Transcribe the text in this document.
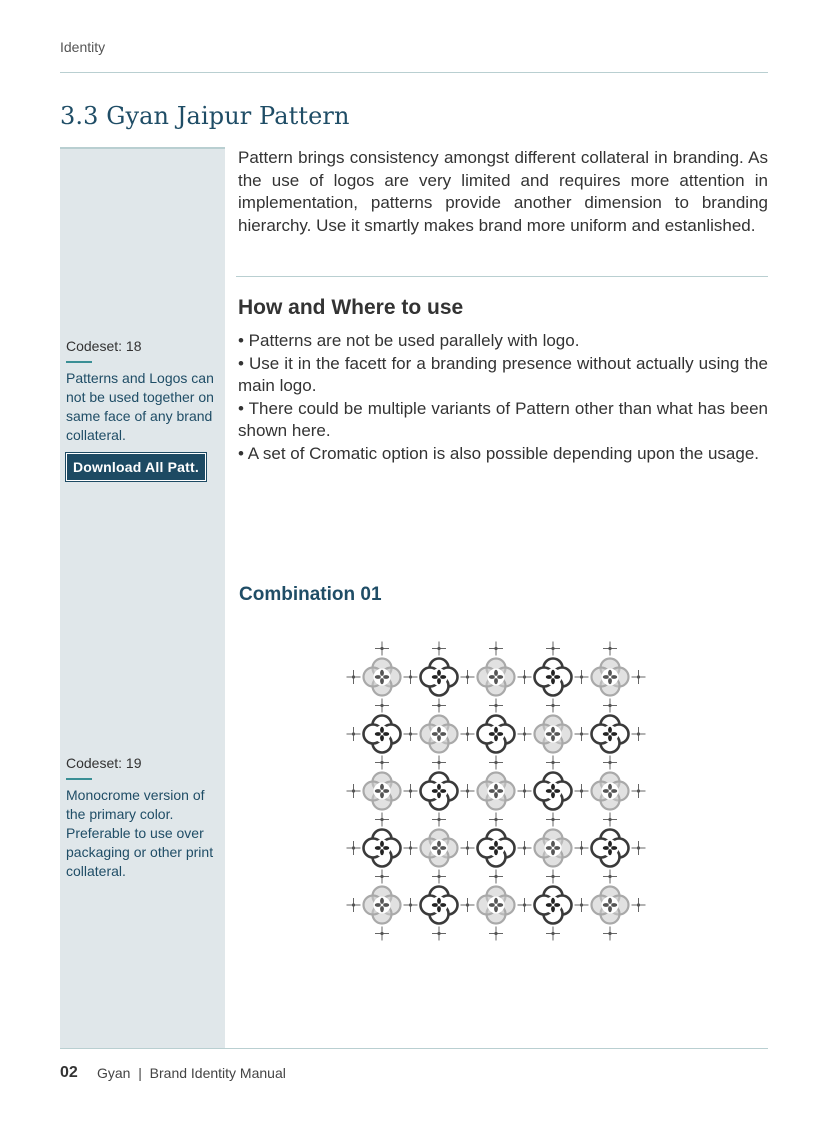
Identity
3.3 Gyan Jaipur Pattern
Codeset: 18
Patterns and Logos can not be used together on same face of any brand collateral.
Download All Patt.
Codeset: 19
Monocrome version of the primary color. Preferable to use over packaging or other print collateral.

Pattern brings consistency amongst different collateral in branding. As the use of logos are very limited and requires more attention in implementation, patterns provide another dimension to branding hierarchy. Use it smartly makes brand more uniform and estanlished.

How and Where to use
• Patterns are not be used parallely with logo.
• Use it in the facett for a branding presence without actually using the main logo.
• There could be multiple variants of Pattern other than what has been shown here.
• A set of Cromatic option is also possible depending upon the usage.
Combination 01
02 Gyan  |  Brand Identity Manual
